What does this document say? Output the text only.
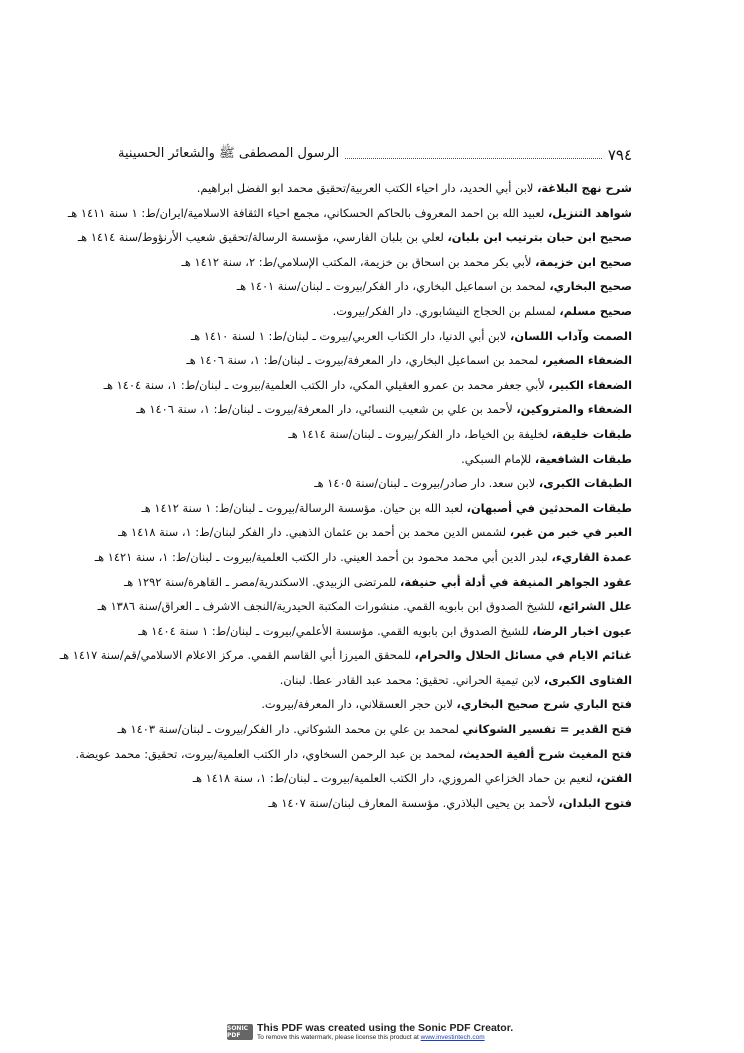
٧٩٤
الرسول المصطفى ﷺ والشعائر الحسينية
شرح نهج البلاغة، لابن أبي الحديد، دار احياء الكتب العربية/تحقيق محمد ابو الفضل ابراهيم.
شواهد التنزيل، لعبيد الله بن احمد المعروف بالحاكم الحسكاني، مجمع احياء الثقافة الاسلامية/ايران/ط: ١ سنة ١٤١١ هـ
صحيح ابن حبان بترتيب ابن بلبان، لعلي بن بلبان الفارسي، مؤسسة الرسالة/تحقيق شعيب الأرنؤوط/سنة ١٤١٤ هـ
صحيح ابن خزيمة، لأبي بكر محمد بن اسحاق بن خزيمة، المكتب الإسلامي/ط: ٢، سنة ١٤١٢ هـ
صحيح البخاري، لمحمد بن اسماعيل البخاري، دار الفكر/بيروت ـ لبنان/سنة ١٤٠١ هـ
صحيح مسلم، لمسلم بن الحجاج النيشابوري. دار الفكر/بيروت.
الصمت وآداب اللسان، لابن أبي الدنيا، دار الكتاب العربي/بيروت ـ لبنان/ط: ١ لسنة ١٤١٠ هـ
الضعفاء الصغير، لمحمد بن اسماعيل البخاري، دار المعرفة/بيروت ـ لبنان/ط: ١، سنة ١٤٠٦ هـ
الضعفاء الكبير، لأبي جعفر محمد بن عمرو العقيلي المكي، دار الكتب العلمية/بيروت ـ لبنان/ط: ١، سنة ١٤٠٤ هـ
الضعفاء والمتروكين، لأحمد بن علي بن شعيب النسائي، دار المعرفة/بيروت ـ لبنان/ط: ١، سنة ١٤٠٦ هـ
طبقات خليفة، لخليفة بن الخياط، دار الفكر/بيروت ـ لبنان/سنة ١٤١٤ هـ
طبقات الشافعية، للإمام السبكي.
الطبقات الكبرى، لابن سعد. دار صادر/بيروت ـ لبنان/سنة ١٤٠٥ هـ
طبقات المحدثين في أصبهان، لعبد الله بن حيان. مؤسسة الرسالة/بيروت ـ لبنان/ط: ١ سنة ١٤١٢ هـ
العبر في خبر من غبر، لشمس الدين محمد بن أحمد بن عثمان الذهبي. دار الفكر لبنان/ط: ١، سنة ١٤١٨ هـ
عمدة القاريء، لبدر الدين أبي محمد محمود بن أحمد العيني. دار الكتب العلمية/بيروت ـ لبنان/ط: ١، سنة ١٤٢١ هـ
عقود الجواهر المنيفة في أدلة أبي حنيفة، للمرتضى الزبيدي. الاسكندرية/مصر ـ القاهرة/سنة ١٢٩٢ هـ
علل الشرائع، للشيخ الصدوق ابن بابويه القمي. منشورات المكتبة الحيدرية/النجف الاشرف ـ العراق/سنة ١٣٨٦ هـ
عيون اخبار الرضا، للشيخ الصدوق ابن بابويه القمي. مؤسسة الأعلمي/بيروت ـ لبنان/ط: ١ سنة ١٤٠٤ هـ
غنائم الايام في مسائل الحلال والحرام، للمحقق الميرزا أبي القاسم القمي. مركز الاعلام الاسلامي/قم/سنة ١٤١٧ هـ
الفتاوى الكبرى، لابن تيمية الحراني. تحقيق: محمد عبد القادر عطا. لبنان.
فتح الباري شرح صحيح البخاري، لابن حجر العسقلاني، دار المعرفة/بيروت.
فتح القدير = تفسير الشوكاني لمحمد بن علي بن محمد الشوكاني. دار الفكر/بيروت ـ لبنان/سنة ١٤٠٣ هـ
فتح المغيث شرح ألفية الحديث، لمحمد بن عبد الرحمن السخاوي، دار الكتب العلمية/بيروت، تحقيق: محمد عويضة.
الفتن، لنعيم بن حماد الخزاعي المروزي، دار الكتب العلمية/بيروت ـ لبنان/ط: ١، سنة ١٤١٨ هـ
فتوح البلدان، لأحمد بن يحيى البلاذري. مؤسسة المعارف لبنان/سنة ١٤٠٧ هـ
SONIC PDF
This PDF was created using the Sonic PDF Creator.
To remove this watermark, please license this product at www.investintech.com
